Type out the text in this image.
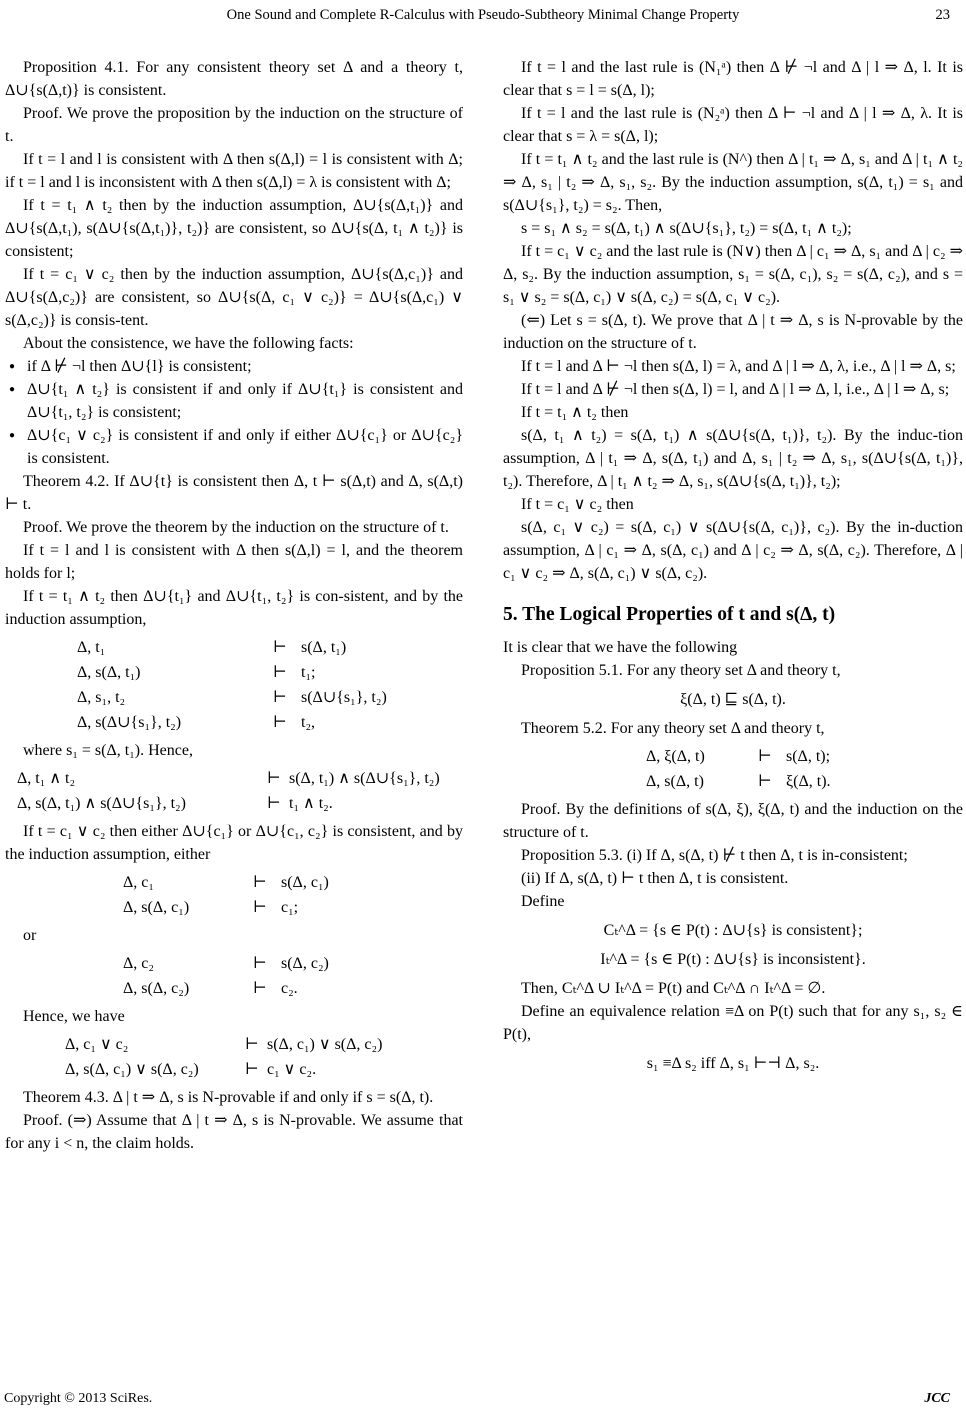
One Sound and Complete R-Calculus with Pseudo-Subtheory Minimal Change Property	23

Proposition 4.1. For any consistent theory set Δ and a theory t, Δ∪{s(Δ,t)} is consistent.

Proof. We prove the proposition by the induction on the structure of t.

If t = l and l is consistent with Δ then s(Δ,l) = l is consistent with Δ; if t = l and l is inconsistent with Δ then s(Δ,l) = λ is consistent with Δ;

If t = t₁ ∧ t₂ then by the induction assumption, Δ∪{s(Δ,t₁)} and Δ∪{s(Δ,t₁), s(Δ∪{s(Δ,t₁)}, t₂)} are consistent, so Δ∪{s(Δ, t₁ ∧ t₂)} is consistent;

If t = c₁ ∨ c₂ then by the induction assumption, Δ∪{s(Δ,c₁)} and Δ∪{s(Δ,c₂)} are consistent, so Δ∪{s(Δ, c₁ ∨ c₂)} = Δ∪{s(Δ,c₁) ∨ s(Δ,c₂)} is consis-tent.

About the consistence, we have the following facts:

● if Δ ⊬ ¬l then Δ∪{l} is consistent;
● Δ∪{t₁ ∧ t₂} is consistent if and only if Δ∪{t₁} is consistent and Δ∪{t₁, t₂} is consistent;
● Δ∪{c₁ ∨ c₂} is consistent if and only if either Δ∪{c₁} or Δ∪{c₂} is consistent.

Theorem 4.2. If Δ∪{t} is consistent then Δ, t ⊢ s(Δ,t) and Δ, s(Δ,t) ⊢ t.

Proof. We prove the theorem by the induction on the structure of t.

If t = l and l is consistent with Δ then s(Δ,l) = l, and the theorem holds for l;

If t = t₁ ∧ t₂ then Δ∪{t₁} and Δ∪{t₁, t₂} is con-sistent, and by the induction assumption,

Δ, t₁	⊢ s(Δ, t₁)
Δ, s(Δ, t₁)	⊢ t₁;
Δ, s₁, t₂	⊢ s(Δ∪{s₁}, t₂)
Δ, s(Δ∪{s₁}, t₂)	⊢ t₂,

where s₁ = s(Δ, t₁). Hence,

Δ, t₁ ∧ t₂	⊢ s(Δ, t₁) ∧ s(Δ∪{s₁}, t₂)
Δ, s(Δ, t₁) ∧ s(Δ∪{s₁}, t₂)	⊢ t₁ ∧ t₂.

If t = c₁ ∨ c₂ then either Δ∪{c₁} or Δ∪{c₁, c₂} is consistent, and by the induction assumption, either

Δ, c₁	⊢ s(Δ, c₁)
Δ, s(Δ, c₁)	⊢ c₁;

or

Δ, c₂	⊢ s(Δ, c₂)
Δ, s(Δ, c₂)	⊢ c₂.

Hence, we have

Δ, c₁ ∨ c₂	⊢ s(Δ, c₁) ∨ s(Δ, c₂)
Δ, s(Δ, c₁) ∨ s(Δ, c₂)	⊢ c₁ ∨ c₂.

Theorem 4.3. Δ | t ⇒ Δ, s is N-provable if and only if s = s(Δ, t).

Proof. (⇒) Assume that Δ | t ⇒ Δ, s is N-provable. We assume that for any i < n, the claim holds.

If t = l and the last rule is (N₁ᵃ) then Δ ⊬ ¬l and Δ | l ⇒ Δ, l. It is clear that s = l = s(Δ, l);

If t = l and the last rule is (N₂ᵃ) then Δ ⊢ ¬l and Δ | l ⇒ Δ, λ. It is clear that s = λ = s(Δ, l);

If t = t₁ ∧ t₂ and the last rule is (N^) then Δ | t₁ ⇒ Δ, s₁ and Δ | t₁ ∧ t₂ ⇒ Δ, s₁ | t₂ ⇒ Δ, s₁, s₂. By the induction assumption, s(Δ, t₁) = s₁ and s(Δ∪{s₁}, t₂) = s₂. Then,

s = s₁ ∧ s₂ = s(Δ, t₁) ∧ s(Δ∪{s₁}, t₂) = s(Δ, t₁ ∧ t₂);

If t = c₁ ∨ c₂ and the last rule is (N∨) then Δ | c₁ ⇒ Δ, s₁ and Δ | c₂ ⇒ Δ, s₂. By the induction assumption, s₁ = s(Δ, c₁), s₂ = s(Δ, c₂), and s = s₁ ∨ s₂ = s(Δ, c₁) ∨ s(Δ, c₂) = s(Δ, c₁ ∨ c₂).

(⇐) Let s = s(Δ, t). We prove that Δ | t ⇒ Δ, s is N-provable by the induction on the structure of t.

If t = l and Δ ⊢ ¬l then s(Δ, l) = λ, and Δ | l ⇒ Δ, λ, i.e., Δ | l ⇒ Δ, s;

If t = l and Δ ⊬ ¬l then s(Δ, l) = l, and Δ | l ⇒ Δ, l, i.e., Δ | l ⇒ Δ, s;

If t = t₁ ∧ t₂ then

s(Δ, t₁ ∧ t₂) = s(Δ, t₁) ∧ s(Δ∪{s(Δ, t₁)}, t₂). By the induc-tion assumption, Δ | t₁ ⇒ Δ, s(Δ, t₁) and Δ, s₁ | t₂ ⇒ Δ, s₁, s(Δ∪{s(Δ, t₁)}, t₂). Therefore, Δ | t₁ ∧ t₂ ⇒ Δ, s₁, s(Δ∪{s(Δ, t₁)}, t₂);

If t = c₁ ∨ c₂ then

s(Δ, c₁ ∨ c₂) = s(Δ, c₁) ∨ s(Δ∪{s(Δ, c₁)}, c₂). By the in-duction assumption, Δ | c₁ ⇒ Δ, s(Δ, c₁) and Δ | c₂ ⇒ Δ, s(Δ, c₂). Therefore, Δ | c₁ ∨ c₂ ⇒ Δ, s(Δ, c₁) ∨ s(Δ, c₂).

5. The Logical Properties of t and s(Δ, t)

It is clear that we have the following

Proposition 5.1. For any theory set Δ and theory t,

ξ(Δ, t) ⊑ s(Δ, t).

Theorem 5.2. For any theory set Δ and theory t,

Δ, ξ(Δ, t)	⊢ s(Δ, t);
Δ, s(Δ, t)	⊢ ξ(Δ, t).

Proof. By the definitions of s(Δ, ξ), ξ(Δ, t) and the induction on the structure of t.

Proposition 5.3. (i) If Δ, s(Δ, t) ⊬ t then Δ, t is in-consistent;

(ii) If Δ, s(Δ, t) ⊢ t then Δ, t is consistent.

Define

Cₜ^Δ = {s ∈ P(t) : Δ∪{s} is consistent};

Iₜ^Δ = {s ∈ P(t) : Δ∪{s} is inconsistent}.

Then, Cₜ^Δ ∪ Iₜ^Δ = P(t) and Cₜ^Δ ∩ Iₜ^Δ = ∅.

Define an equivalence relation ≡Δ on P(t) such that for any s₁, s₂ ∈ P(t),

s₁ ≡Δ s₂ iff Δ, s₁ ⊢⊣ Δ, s₂.

Copyright © 2013 SciRes.	JCC
